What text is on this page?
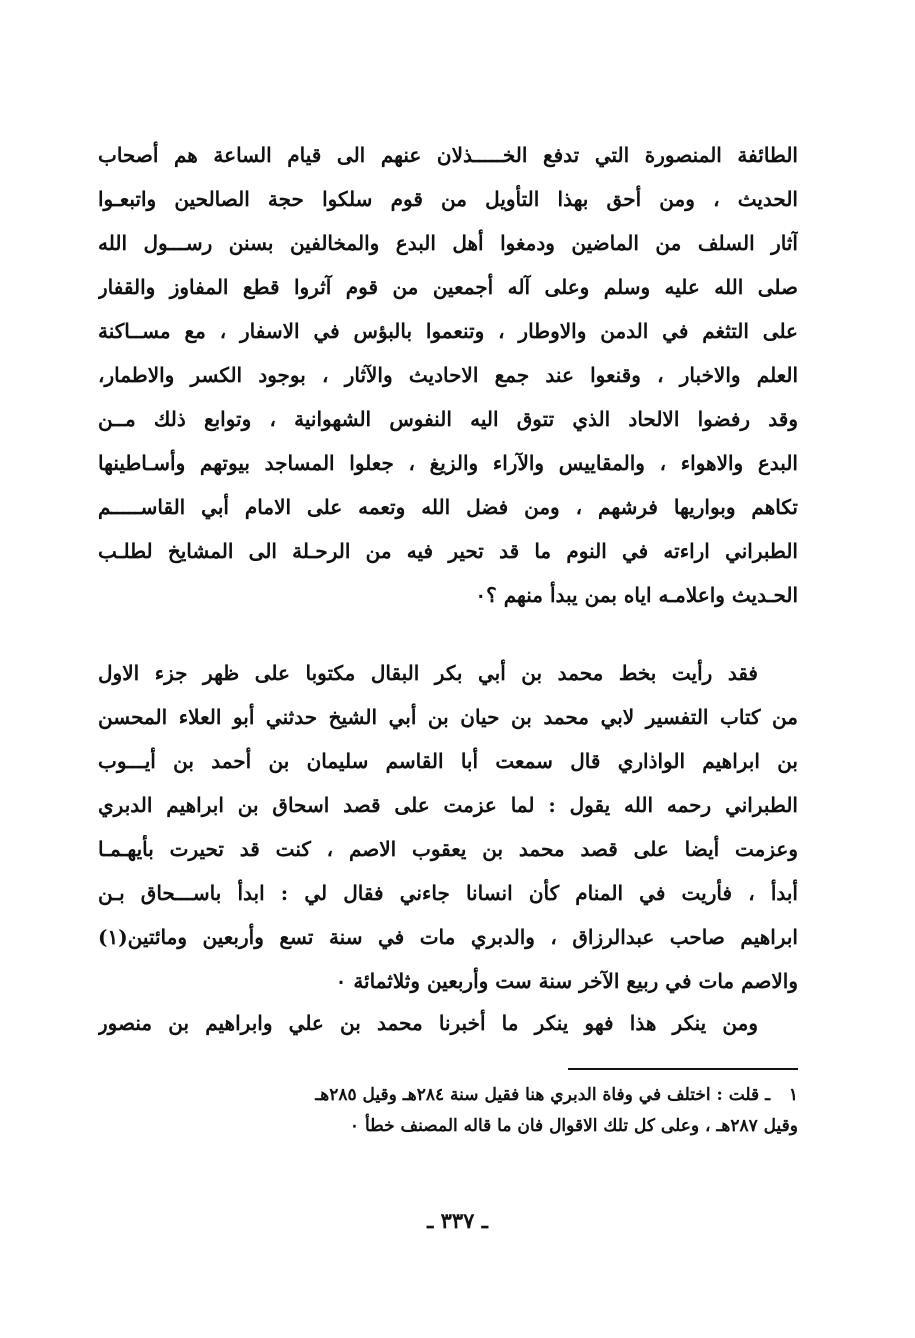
الطائفة المنصورة التي تدفع الخـــــذلان عنهم الى قيام الساعة هم أصحاب
الحديث ، ومن أحق بهذا التأويل من قوم سلكوا حجة الصالحين واتبعـوا
آثار السلف من الماضين ودمغوا أهل البدع والمخالفين بسنن رســـول الله
صلى الله عليه وسلم وعلى آله أجمعين من قوم آثروا قطع المفاوز والقفار
على التثغم في الدمن والاوطار ، وتنعموا بالبؤس في الاسفار ، مع مســاكنة
العلم والاخبار ، وقنعوا عند جمع الاحاديث والآثار ، بوجود الكسر والاطمار،
وقد رفضوا الالحاد الذي تتوق اليه النفوس الشهوانية ، وتوابع ذلك مــن
البدع والاهواء ، والمقاييس والآراء والزيغ ، جعلوا المساجد بيوتهم وأسـاطينها
تكاهم وبواريها فرشهم ، ومن فضل الله وتعمه على الامام أبي القاســـــم
الطبراني اراءته في النوم ما قد تحير فيه من الرحـلة الى المشايخ لطلـب
الحـديث واعلامـه اياه بمن يبدأ منهم ؟٠
فقد رأيت بخط محمد بن أبي بكر البقال مكتوبا على ظهر جزء الاول
من كتاب التفسير لابي محمد بن حيان بن أبي الشيخ حدثني أبو العلاء المحسن
بن ابراهيم الواذاري قال سمعت أبا القاسم سليمان بن أحمد بن أيـــوب
الطبراني رحمه الله يقول : لما عزمت على قصد اسحاق بن ابراهيم الدبري
وعزمت أيضا على قصد محمد بن يعقوب الاصم ، كنت قد تحيرت بأيهـمـا
أبدأ ، فأريت في المنام كأن انسانا جاءني فقال لي : ابدأ باســـحاق بـن
ابراهيم صاحب عبدالرزاق ، والدبري مات في سنة تسع وأربعين ومائتين(١)
والاصم مات في ربيع الآخر سنة ست وأربعين وثلاثمائة ٠
ومن ينكر هذا فهو ينكر ما أخبرنا محمد بن علي وابراهيم بن منصور
١ ـ قلت : اختلف في وفاة الدبري هنا فقيل سنة ٢٨٤هـ وقيل ٢٨٥هـ
وقيل ٢٨٧هـ ، وعلى كل تلك الاقوال فان ما قاله المصنف خطأ ٠
ـ ٣٣٧ ـ
